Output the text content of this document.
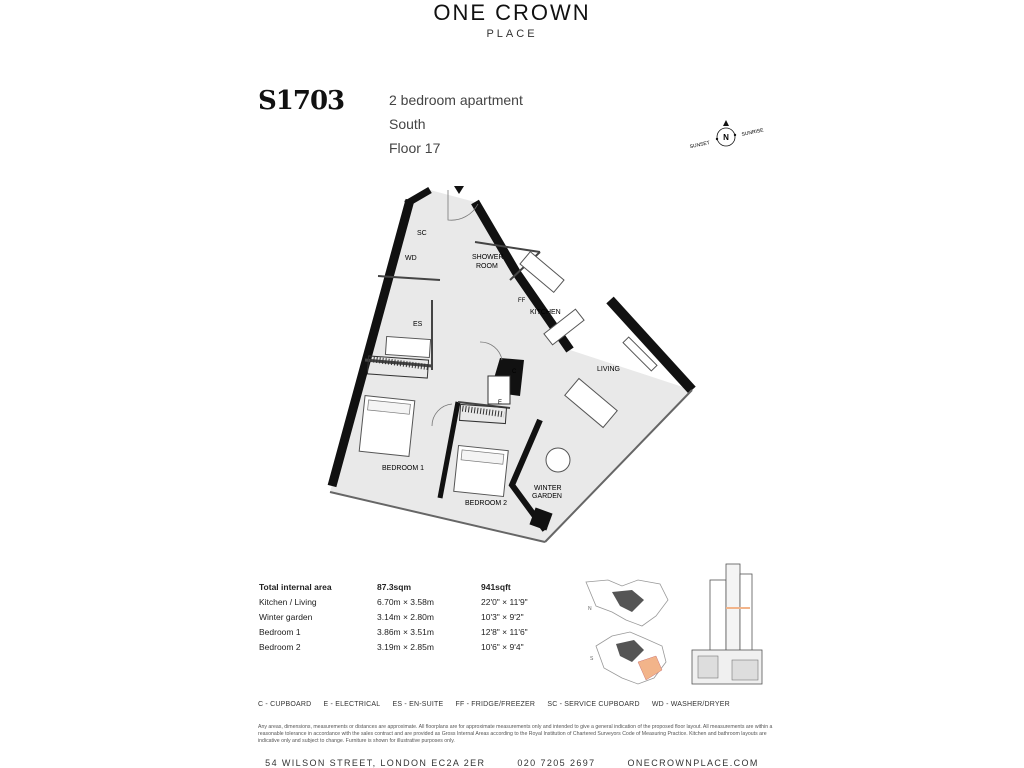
ONE CROWN
PLACE
S1703	2 bedroom apartment
South
Floor 17
N
SUNSET
SUNRISE
SC
WD
ES
SHOWER
ROOM
FF
KITCHEN
LIVING
C
E
BEDROOM 1
BEDROOM 2
WINTER
GARDEN
Total internal area	87.3sqm	941sqft
Kitchen / Living	6.70m × 3.58m	22'0" × 11'9"
Winter garden	3.14m × 2.80m	10'3" × 9'2"
Bedroom 1	3.86m × 3.51m	12'8" × 11'6"
Bedroom 2	3.19m × 2.85m	10'6" × 9'4"
N
S
C - CUPBOARD E - ELECTRICAL ES - EN-SUITE FF - FRIDGE/FREEZER SC - SERVICE CUPBOARD WD - WASHER/DRYER
Any areas, dimensions, measurements or distances are approximate. All floorplans are for approximate measurements only and intended to give a general indication of the proposed floor layout. All measurements are within a reasonable tolerance in accordance with the sales contract and are provided as Gross Internal Areas according to the Royal Institution of Chartered Surveyors Code of Measuring Practice. Kitchen and bathroom layouts are indicative only and subject to change. Furniture is shown for illustrative purposes only.
54 WILSON STREET, LONDON EC2A 2ER	020 7205 2697	ONECROWNPLACE.COM
